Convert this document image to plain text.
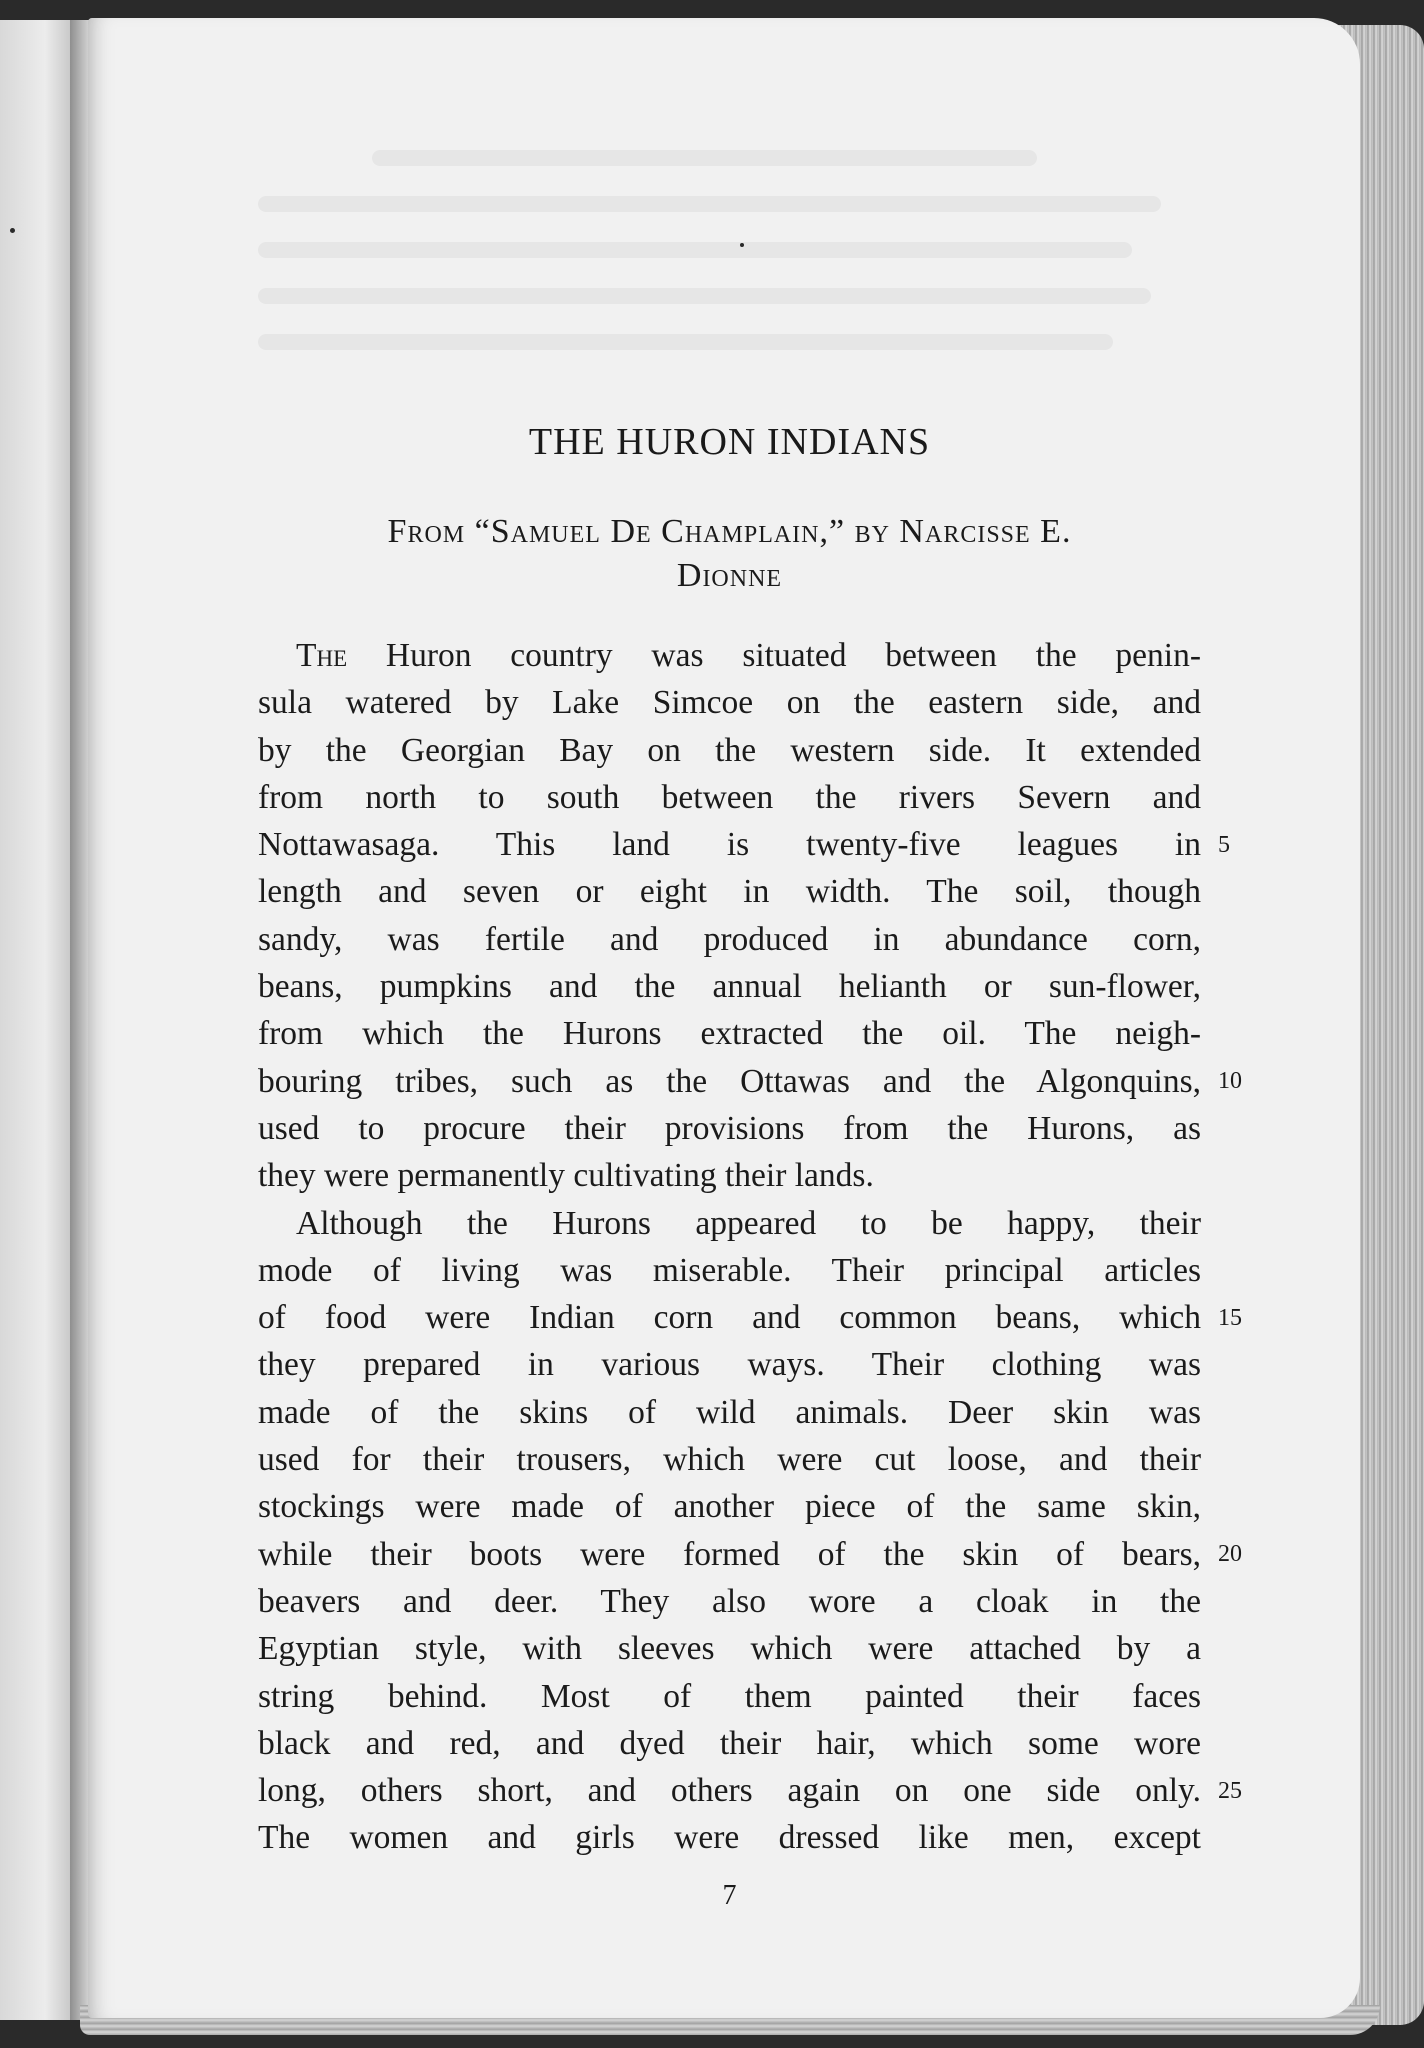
THE HURON INDIANS
From “Samuel De Champlain,” by Narcisse E.
Dionne
The Huron country was situated between the penin-
sula watered by Lake Simcoe on the eastern side, and
by the Georgian Bay on the western side. It extended
from north to south between the rivers Severn and
Nottawasaga. This land is twenty-five leagues in
length and seven or eight in width. The soil, though
sandy, was fertile and produced in abundance corn,
beans, pumpkins and the annual helianth or sun-flower,
from which the Hurons extracted the oil. The neigh-
bouring tribes, such as the Ottawas and the Algonquins,
used to procure their provisions from the Hurons, as
they were permanently cultivating their lands.
Although the Hurons appeared to be happy, their
mode of living was miserable. Their principal articles
of food were Indian corn and common beans, which
they prepared in various ways. Their clothing was
made of the skins of wild animals. Deer skin was
used for their trousers, which were cut loose, and their
stockings were made of another piece of the same skin,
while their boots were formed of the skin of bears,
beavers and deer. They also wore a cloak in the
Egyptian style, with sleeves which were attached by a
string behind. Most of them painted their faces
black and red, and dyed their hair, which some wore
long, others short, and others again on one side only.
The women and girls were dressed like men, except
5
10
15
20
25
7
